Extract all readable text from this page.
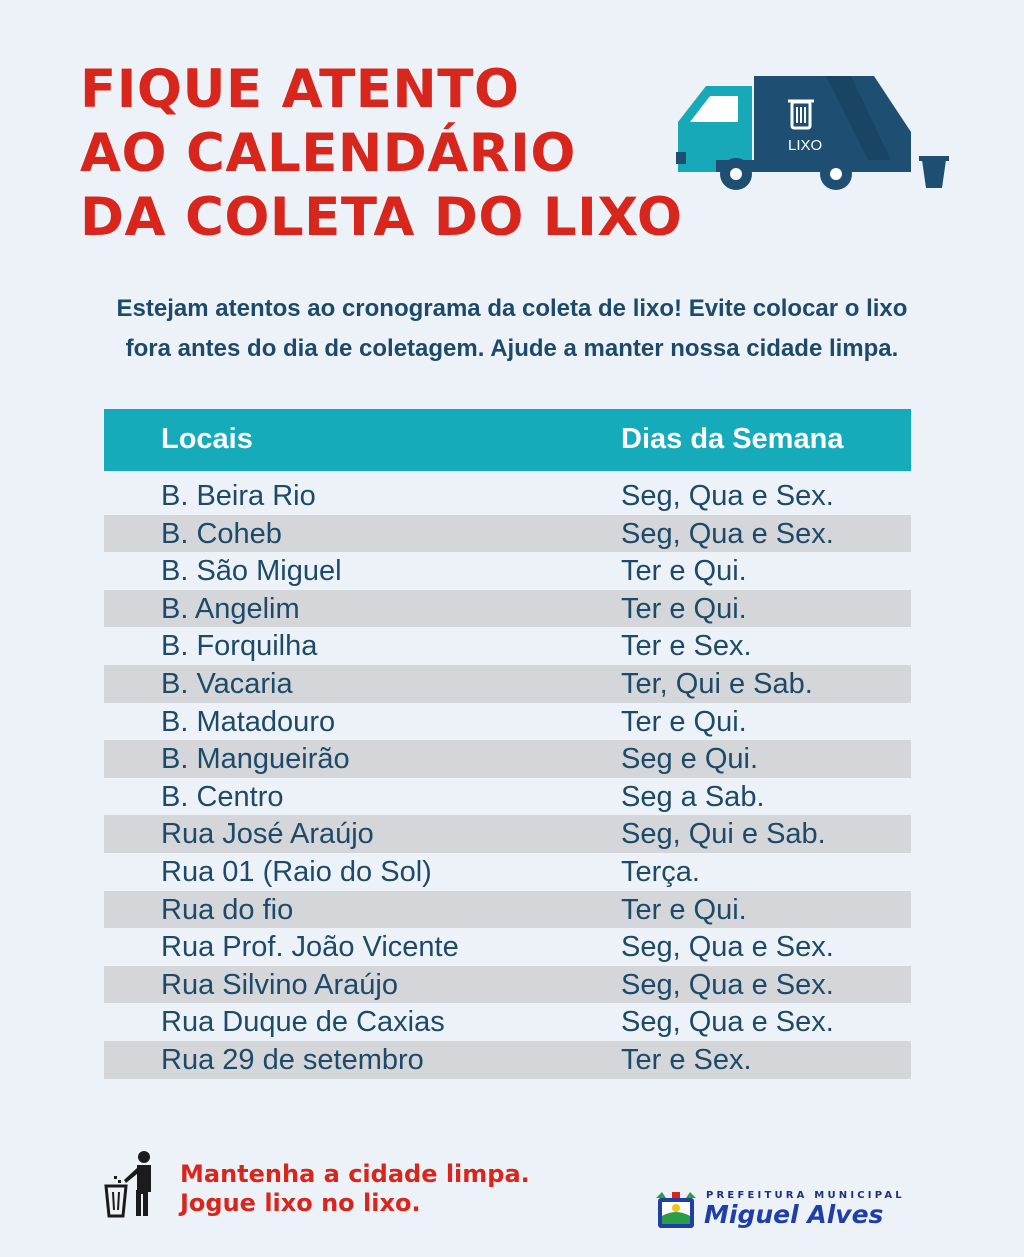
FIQUE ATENTO
AO CALENDÁRIO
DA COLETA DO LIXO
LIXO

Estejam atentos ao cronograma da coleta de lixo! Evite colocar o lixo
fora antes do dia de coletagem. Ajude a manter nossa cidade limpa.

Locais	Dias da Semana
B. Beira Rio	Seg, Qua e Sex.
B. Coheb	Seg, Qua e Sex.
B. São Miguel	Ter e Qui.
B. Angelim	Ter e Qui.
B. Forquilha	Ter e Sex.
B. Vacaria	Ter, Qui e Sab.
B. Matadouro	Ter e Qui.
B. Mangueirão	Seg e Qui.
B. Centro	Seg a Sab.
Rua José Araújo	Seg, Qui e Sab.
Rua 01 (Raio do Sol)	Terça.
Rua do fio	Ter e Qui.
Rua Prof. João Vicente	Seg, Qua e Sex.
Rua Silvino Araújo	Seg, Qua e Sex.
Rua Duque de Caxias	Seg, Qua e Sex.
Rua 29 de setembro	Ter e Sex.
Mantenha a cidade limpa.
Jogue lixo no lixo.	PREFEITURA MUNICIPAL
Miguel Alves
